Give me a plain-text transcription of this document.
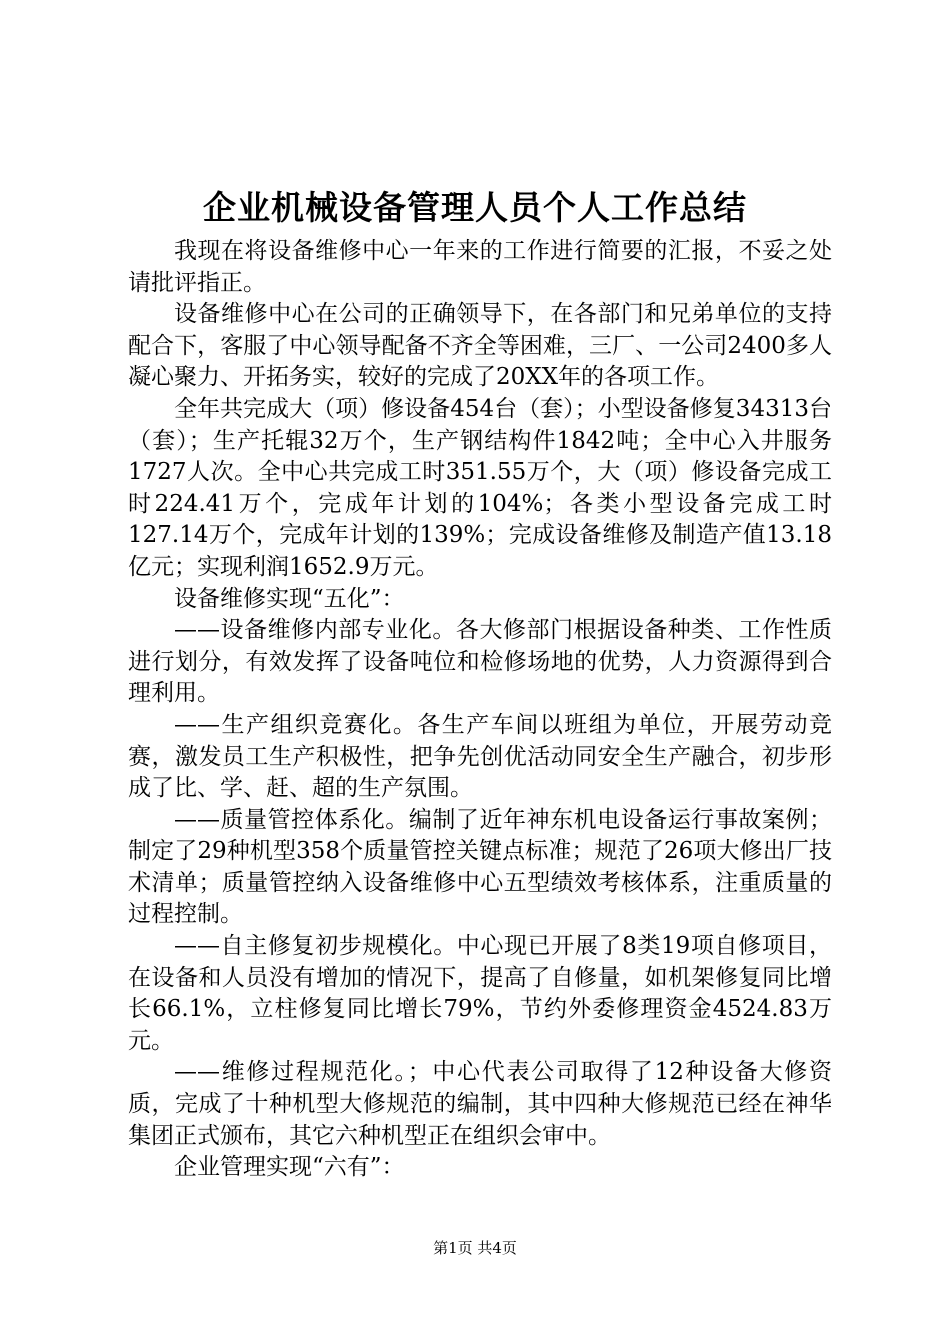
企业机械设备管理人员个人工作总结

我现在将设备维修中心一年来的工作进行简要的汇报，不妥之处请批评指正。

设备维修中心在公司的正确领导下，在各部门和兄弟单位的支持配合下，客服了中心领导配备不齐全等困难，三厂、一公司2400多人凝心聚力、开拓务实，较好的完成了20XX年的各项工作。

全年共完成大（项）修设备454台（套）；小型设备修复34313台（套）；生产托辊32万个，生产钢结构件1842吨；全中心入井服务1727人次。全中心共完成工时351.55万个，大（项）修设备完成工时224.41万个，完成年计划的104%；各类小型设备完成工时127.14万个，完成年计划的139%；完成设备维修及制造产值13.18亿元；实现利润1652.9万元。

设备维修实现“五化”：

——设备维修内部专业化。各大修部门根据设备种类、工作性质进行划分，有效发挥了设备吨位和检修场地的优势，人力资源得到合理利用。

——生产组织竞赛化。各生产车间以班组为单位，开展劳动竞赛，激发员工生产积极性，把争先创优活动同安全生产融合，初步形成了比、学、赶、超的生产氛围。

——质量管控体系化。编制了近年神东机电设备运行事故案例；制定了29种机型358个质量管控关键点标准；规范了26项大修出厂技术清单；质量管控纳入设备维修中心五型绩效考核体系，注重质量的过程控制。

——自主修复初步规模化。中心现已开展了8类19项自修项目，在设备和人员没有增加的情况下，提高了自修量，如机架修复同比增长66.1%，立柱修复同比增长79%，节约外委修理资金4524.83万元。

——维修过程规范化。；中心代表公司取得了12种设备大修资质，完成了十种机型大修规范的编制，其中四种大修规范已经在神华集团正式颁布，其它六种机型正在组织会审中。

企业管理实现“六有”：

第1页 共4页
